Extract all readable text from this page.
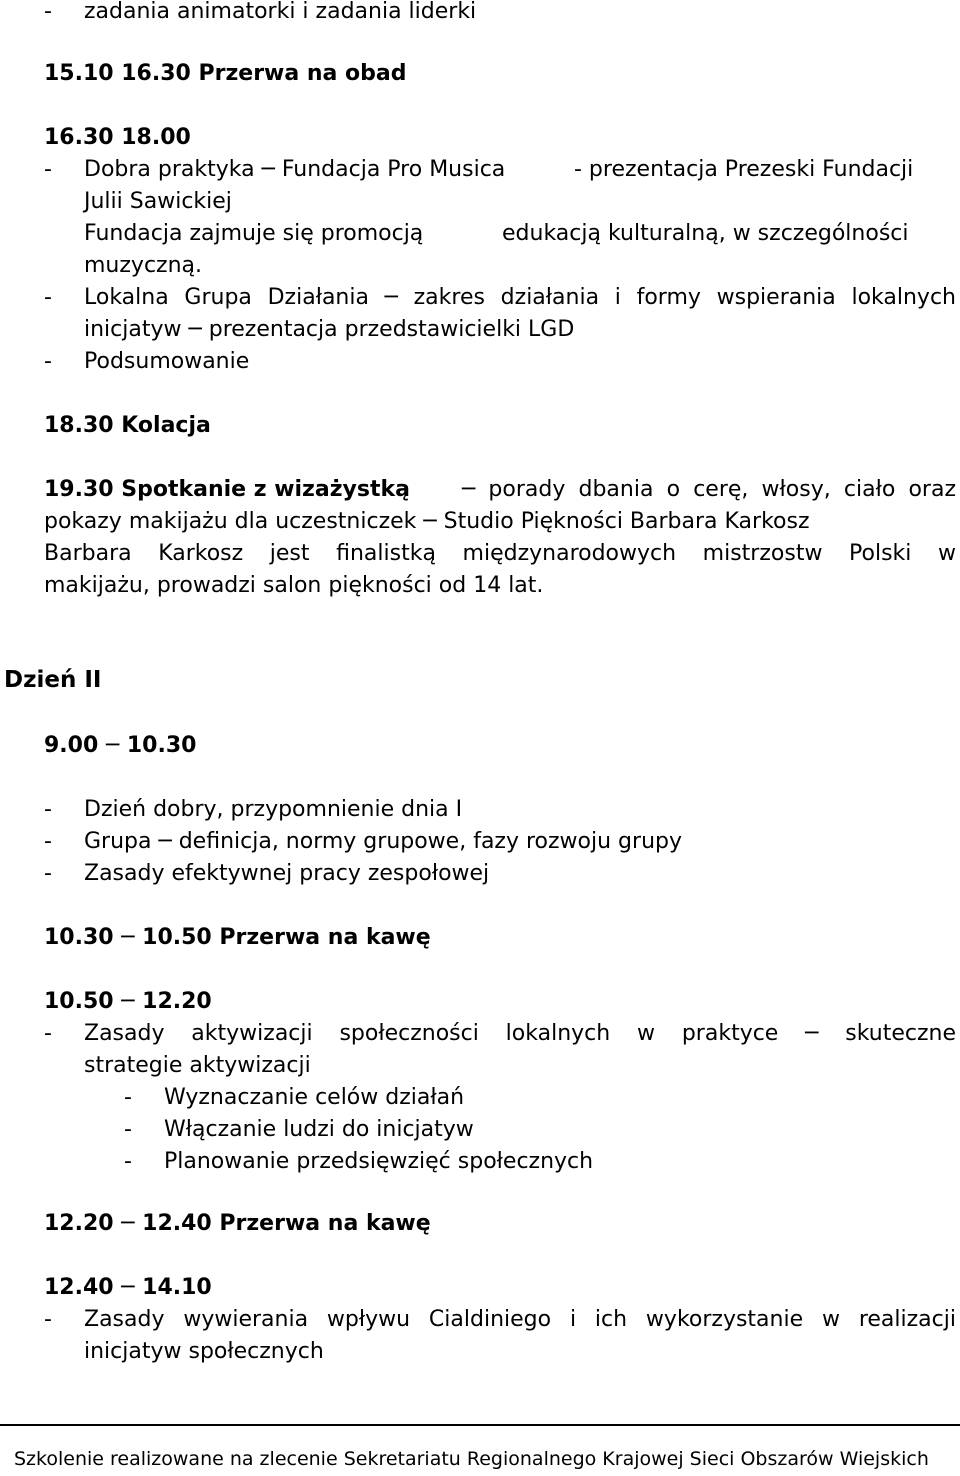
- zadania animatorki i zadania liderki
15.10 16.30 Przerwa na obad
16.30 18.00
- Dobra praktyka ─ Fundacja Pro Musica	- prezentacja Prezeski Fundacji
Julii Sawickiej
Fundacja zajmuje się promocją	edukacją kulturalną, w szczególności
muzyczną.
- Lokalna Grupa Działania ─ zakres działania i formy wspierania lokalnych
inicjatyw ─ prezentacja przedstawicielki LGD
- Podsumowanie
18.30 Kolacja
19.30 Spotkanie z wizażystką ─ porady dbania o cerę, włosy, ciało oraz
pokazy makijażu dla uczestniczek ─ Studio Piękności Barbara Karkosz
Barbara Karkosz jest finalistką międzynarodowych mistrzostw Polski w
makijażu, prowadzi salon piękności od 14 lat.
Dzień II
9.00 ─ 10.30
- Dzień dobry, przypomnienie dnia I
- Grupa ─ definicja, normy grupowe, fazy rozwoju grupy
- Zasady efektywnej pracy zespołowej
10.30 ─ 10.50 Przerwa na kawę
10.50 ─ 12.20
- Zasady aktywizacji społeczności lokalnych w praktyce ─ skuteczne
strategie aktywizacji
- Wyznaczanie celów działań
- Włączanie ludzi do inicjatyw
- Planowanie przedsięwzięć społecznych
12.20 ─ 12.40 Przerwa na kawę
12.40 ─ 14.10
- Zasady wywierania wpływu Cialdiniego i ich wykorzystanie w realizacji
inicjatyw społecznych
Szkolenie realizowane na zlecenie Sekretariatu Regionalnego Krajowej Sieci Obszarów Wiejskich
